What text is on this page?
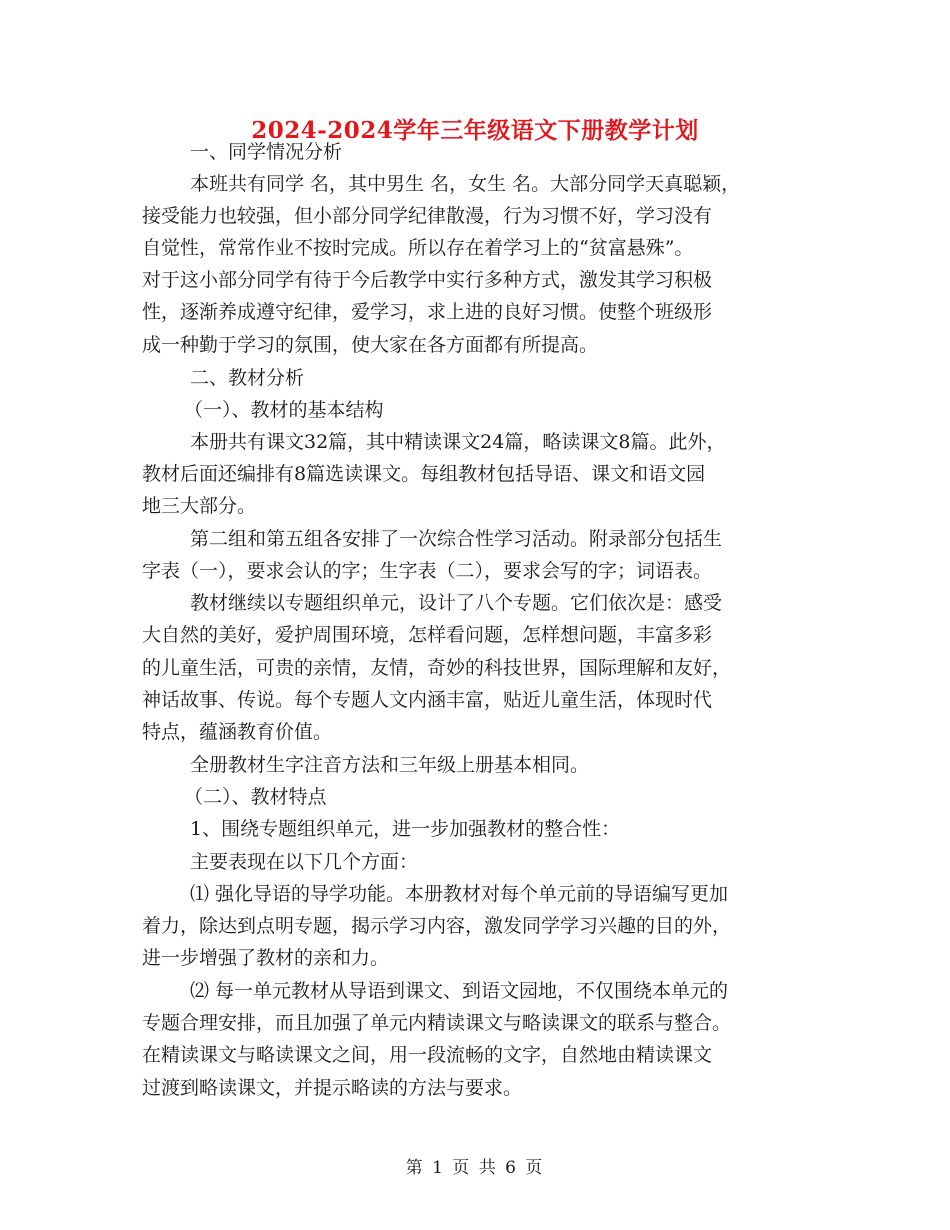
2024-2024学年三年级语文下册教学计划
一、同学情况分析
本班共有同学 名，其中男生 名，女生 名。大部分同学天真聪颖，
接受能力也较强，但小部分同学纪律散漫，行为习惯不好，学习没有
自觉性，常常作业不按时完成。所以存在着学习上的“贫富悬殊”。
对于这小部分同学有待于今后教学中实行多种方式，激发其学习积极
性，逐渐养成遵守纪律，爱学习，求上进的良好习惯。使整个班级形
成一种勤于学习的氛围，使大家在各方面都有所提高。
二、教材分析
（一）、教材的基本结构
本册共有课文32篇，其中精读课文24篇，略读课文8篇。此外，
教材后面还编排有8篇选读课文。每组教材包括导语、课文和语文园
地三大部分。
第二组和第五组各安排了一次综合性学习活动。附录部分包括生
字表（一），要求会认的字；生字表（二），要求会写的字；词语表。
教材继续以专题组织单元，设计了八个专题。它们依次是：感受
大自然的美好，爱护周围环境，怎样看问题，怎样想问题，丰富多彩
的儿童生活，可贵的亲情，友情，奇妙的科技世界，国际理解和友好，
神话故事、传说。每个专题人文内涵丰富，贴近儿童生活，体现时代
特点，蕴涵教育价值。
全册教材生字注音方法和三年级上册基本相同。
（二）、教材特点
1、围绕专题组织单元，进一步加强教材的整合性：
主要表现在以下几个方面：
⑴ 强化导语的导学功能。本册教材对每个单元前的导语编写更加
着力，除达到点明专题，揭示学习内容，激发同学学习兴趣的目的外，
进一步增强了教材的亲和力。
⑵ 每一单元教材从导语到课文、到语文园地，不仅围绕本单元的
专题合理安排，而且加强了单元内精读课文与略读课文的联系与整合。
在精读课文与略读课文之间，用一段流畅的文字，自然地由精读课文
过渡到略读课文，并提示略读的方法与要求。
第 1 页 共 6 页
